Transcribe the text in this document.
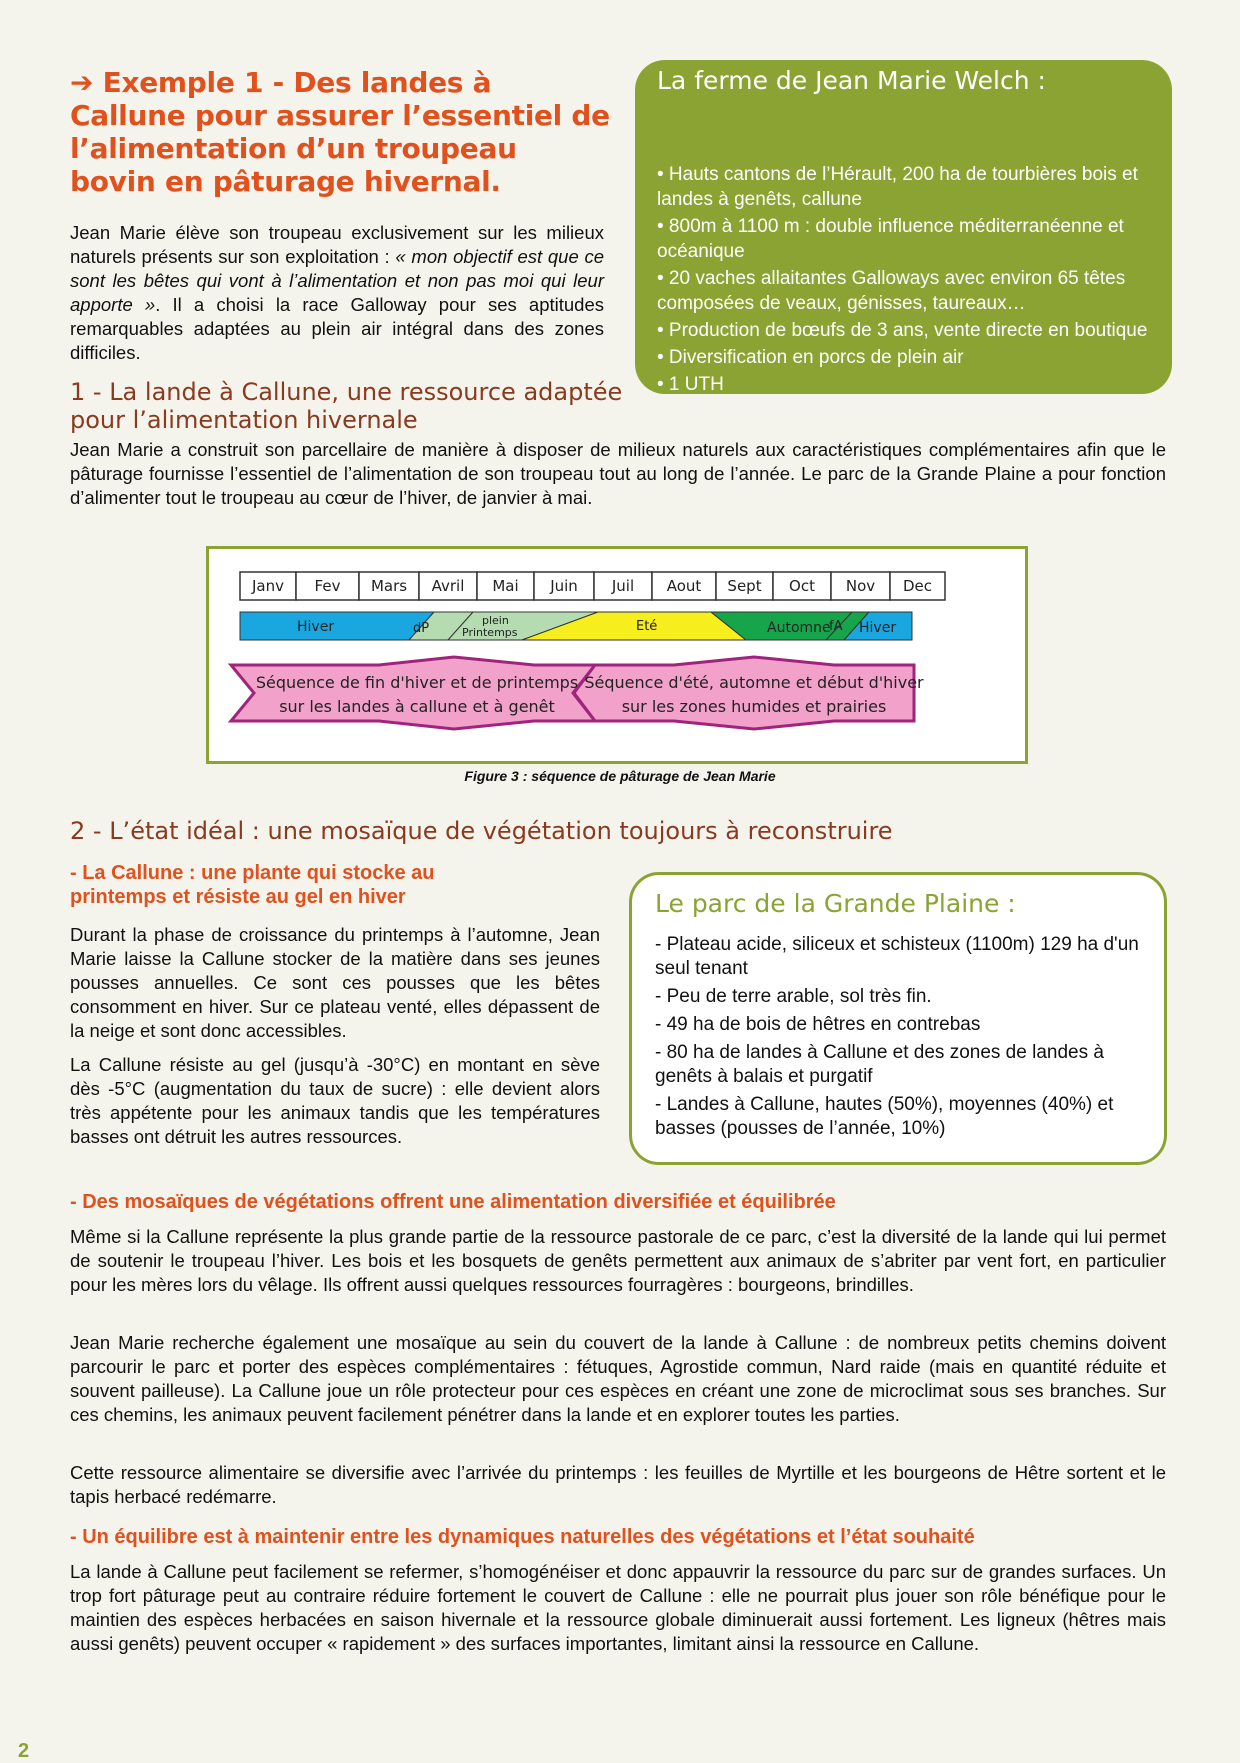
➔ Exemple 1 - Des landes à Callune pour assurer l’essentiel de l’alimentation d’un troupeau bovin en pâturage hivernal.

Jean Marie élève son troupeau exclusivement sur les milieux naturels présents sur son exploitation : « mon objectif est que ce sont les bêtes qui vont à l’alimentation et non pas moi qui leur apporte ». Il a choisi la race Galloway pour ses aptitudes remarquables adaptées au plein air intégral dans des zones difficiles.

La ferme de Jean Marie Welch :
• Hauts cantons de l’Hérault, 200 ha de tourbières bois et landes à genêts, callune
• 800m à 1100 m : double influence méditerranéenne et océanique
• 20 vaches allaitantes Galloways avec environ 65 têtes composées de veaux, génisses, taureaux…
• Production de bœufs de 3 ans, vente directe en boutique
• Diversification en porcs de plein air
• 1 UTH
1 - La lande à Callune, une ressource adaptée pour l’alimentation hivernale

Jean Marie a construit son parcellaire de manière à disposer de milieux naturels aux caractéristiques complémentaires afin que le pâturage fournisse l’essentiel de l’alimentation de son troupeau tout au long de l’année. Le parc de la Grande Plaine a pour fonction d’alimenter tout le troupeau au cœur de l’hiver, de janvier à mai.

Janv Fev Mars Avril Mai Juin Juil Aout Sept Oct Nov Dec
Hiver	dP
plein
Printemps	Eté	Automne
fA Hiver
Séquence de fin d'hiver et de printemps
sur les landes à callune et à genêt
Séquence d'été, automne et début d'hiver
sur les zones humides et prairies
Figure 3 : séquence de pâturage de Jean Marie
2 - L’état idéal : une mosaïque de végétation toujours à reconstruire
- La Callune : une plante qui stocke au printemps et résiste au gel en hiver

Durant la phase de croissance du printemps à l’automne, Jean Marie laisse la Callune stocker de la matière dans ses jeunes pousses annuelles. Ce sont ces pousses que les bêtes consomment en hiver. Sur ce plateau venté, elles dépassent de la neige et sont donc accessibles.

La Callune résiste au gel (jusqu’à -30°C) en montant en sève dès -5°C (augmentation du taux de sucre) : elle devient alors très appétente pour les animaux tandis que les températures basses ont détruit les autres ressources.

Le parc de la Grande Plaine :
- Plateau acide, siliceux et schisteux (1100m) 129 ha d'un seul tenant
- Peu de terre arable, sol très fin.
- 49 ha de bois de hêtres en contrebas
- 80 ha de landes à Callune et des zones de landes à genêts à balais et purgatif
- Landes à Callune, hautes (50%), moyennes (40%) et basses (pousses de l’année, 10%)
- Des mosaïques de végétations offrent une alimentation diversifiée et équilibrée

Même si la Callune représente la plus grande partie de la ressource pastorale de ce parc, c’est la diversité de la lande qui lui permet de soutenir le troupeau l’hiver. Les bois et les bosquets de genêts permettent aux animaux de s’abriter par vent fort, en particulier pour les mères lors du vêlage. Ils offrent aussi quelques ressources fourragères : bourgeons, brindilles.

Jean Marie recherche également une mosaïque au sein du couvert de la lande à Callune : de nombreux petits chemins doivent parcourir le parc et porter des espèces complémentaires : fétuques, Agrostide commun, Nard raide (mais en quantité réduite et souvent pailleuse). La Callune joue un rôle protecteur pour ces espèces en créant une zone de microclimat sous ses branches. Sur ces chemins, les animaux peuvent facilement pénétrer dans la lande et en explorer toutes les parties.

Cette ressource alimentaire se diversifie avec l’arrivée du printemps : les feuilles de Myrtille et les bourgeons de Hêtre sortent et le tapis herbacé redémarre.

- Un équilibre est à maintenir entre les dynamiques naturelles des végétations et l’état souhaité

La lande à Callune peut facilement se refermer, s’homogénéiser et donc appauvrir la ressource du parc sur de grandes surfaces. Un trop fort pâturage peut au contraire réduire fortement le couvert de Callune : elle ne pourrait plus jouer son rôle bénéfique pour le maintien des espèces herbacées en saison hivernale et la ressource globale diminuerait aussi fortement. Les ligneux (hêtres mais aussi genêts) peuvent occuper « rapidement » des surfaces importantes, limitant ainsi la ressource en Callune.

2
